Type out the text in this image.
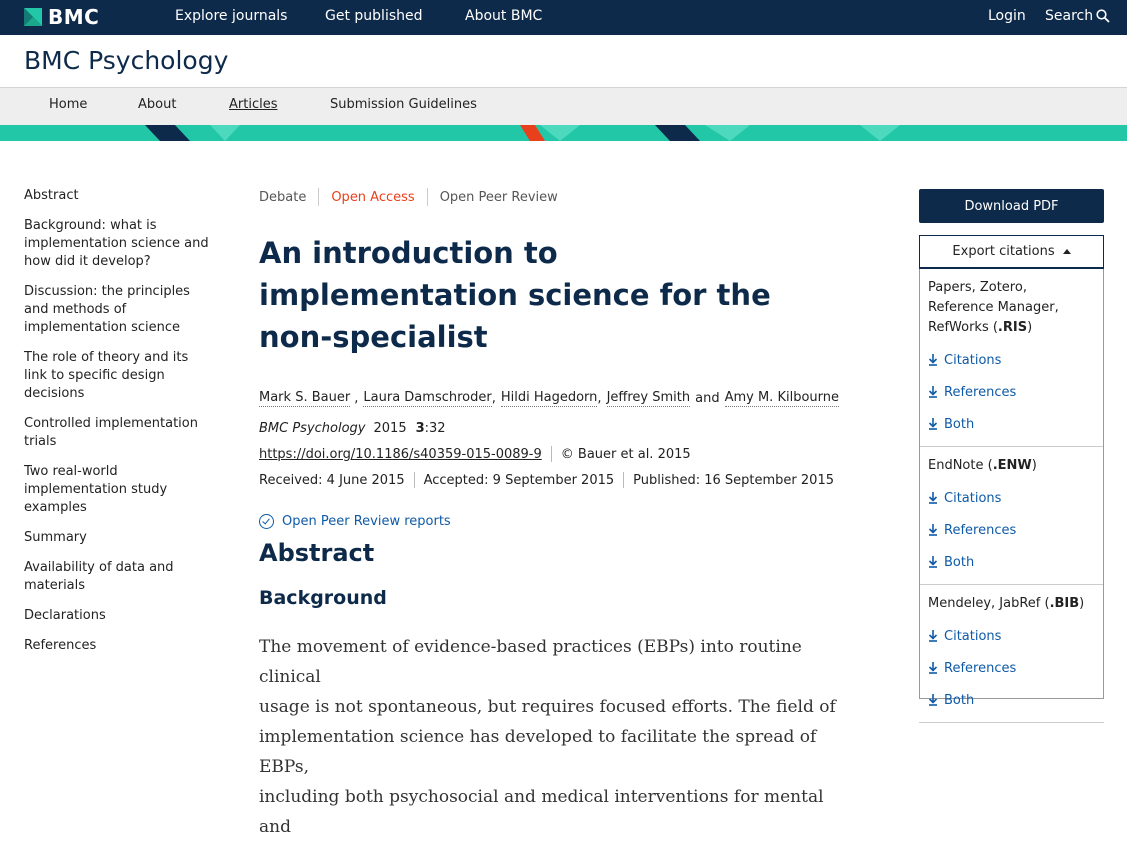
BMC	Explore journals	Get published	About BMC	Login Search
BMC Psychology
Home	About	Articles	Submission Guidelines
Abstract
Background: what is implementation science and how did it develop?
Discussion: the principles and methods of implementation science
The role of theory and its link to specific design decisions
Controlled implementation trials
Two real-world implementation study examples
Summary
Availability of data and materials
Declarations
References
Debate Open Access Open Peer Review
An introduction to implementation science for the non-specialist
Mark S. Bauer , Laura Damschroder , Hildi Hagedorn , Jeffrey Smith and Amy M. Kilbourne
BMC Psychology 2015 3 :32
https://doi.org/10.1186/s40359-015-0089-9 © Bauer et al. 2015
Received: 4 June 2015 Accepted: 9 September 2015 Published: 16 September 2015
Open Peer Review reports
Abstract
Background
The movement of evidence-based practices (EBPs) into routine clinical
usage is not spontaneous, but requires focused efforts. The field of
implementation science has developed to facilitate the spread of EBPs,
including both psychosocial and medical interventions for mental and
Download PDF
Export citations
Papers, Zotero, Reference Manager, RefWorks (.RIS)
Citations
References
Both
EndNote (.ENW)
Citations
References
Both
Mendeley, JabRef (.BIB)
Citations
References
Both
